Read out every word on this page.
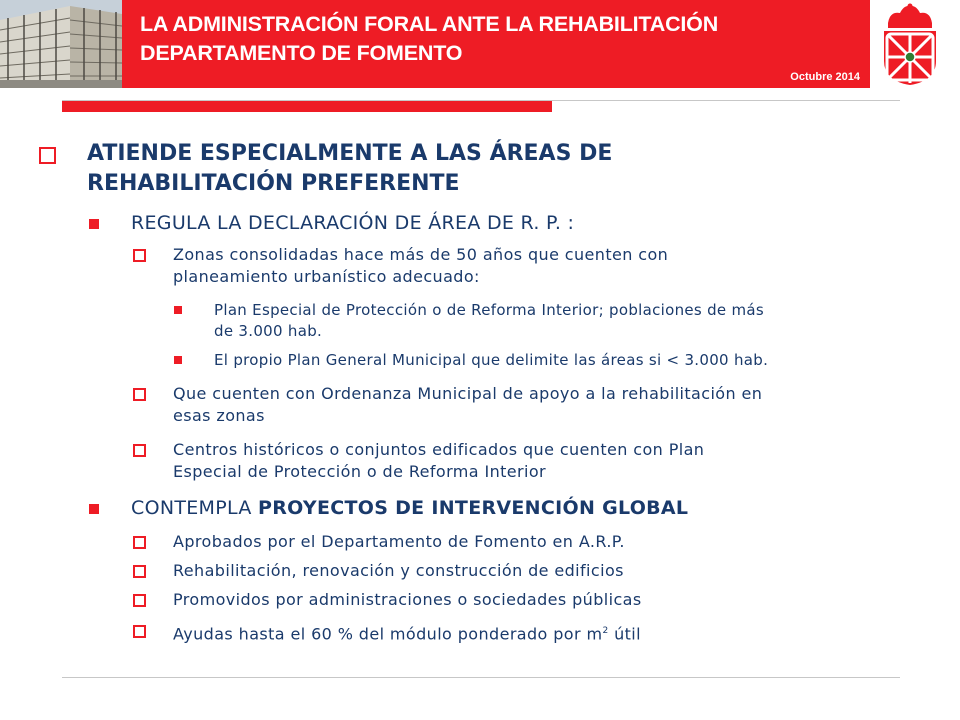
LA ADMINISTRACIÓN FORAL ANTE LA REHABILITACIÓN
DEPARTAMENTO DE FOMENTO
Octubre 2014
ATIENDE ESPECIALMENTE A LAS ÁREAS DE
REHABILITACIÓN PREFERENTE
REGULA LA DECLARACIÓN DE ÁREA DE R. P. :
Zonas consolidadas hace más de 50 años que cuenten con
planeamiento urbanístico adecuado:
Plan Especial de Protección o de Reforma Interior; poblaciones de más
de 3.000 hab.
El propio Plan General Municipal que delimite las áreas si < 3.000 hab.
Que cuenten con Ordenanza Municipal de apoyo a la rehabilitación en
esas zonas
Centros históricos o conjuntos edificados que cuenten con Plan
Especial de Protección o de Reforma Interior
CONTEMPLA PROYECTOS DE INTERVENCIÓN GLOBAL
Aprobados por el Departamento de Fomento en A.R.P.
Rehabilitación, renovación y construcción de edificios
Promovidos por administraciones o sociedades públicas
Ayudas hasta el 60 % del módulo ponderado por $m^2$ útil
